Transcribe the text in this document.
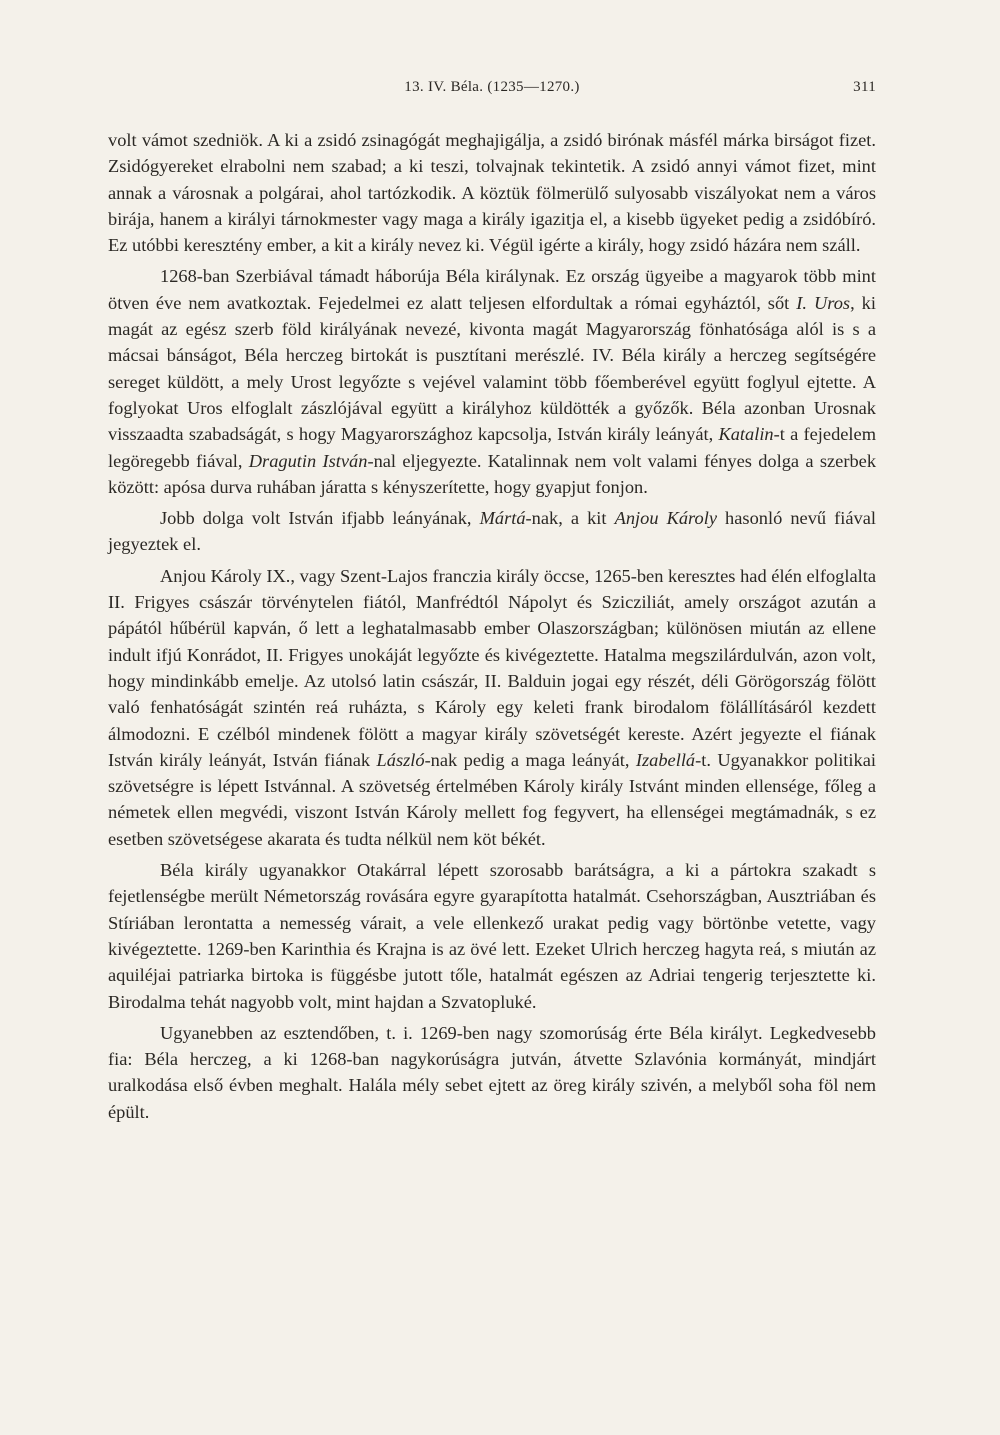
13. IV. Béla. (1235—1270.)	311

volt vámot szedniök. A ki a zsidó zsinagógát meghajigálja, a zsidó birónak másfél márka birságot fizet. Zsidógyereket elrabolni nem szabad; a ki teszi, tolvajnak tekintetik. A zsidó annyi vámot fizet, mint annak a városnak a polgárai, ahol tartózkodik. A köztük fölmerülő sulyosabb viszályokat nem a város birája, hanem a királyi tárnokmester vagy maga a király igazitja el, a kisebb ügyeket pedig a zsidóbíró. Ez utóbbi keresztény ember, a kit a király nevez ki. Végül igérte a király, hogy zsidó házára nem száll.

1268-ban Szerbiával támadt háborúja Béla királynak. Ez ország ügyeibe a magyarok több mint ötven éve nem avatkoztak. Fejedelmei ez alatt teljesen elfordultak a római egyháztól, sőt I. Uros, ki magát az egész szerb föld királyának nevezé, kivonta magát Magyarország fönhatósága alól is s a mácsai bánságot, Béla herczeg birtokát is pusztítani merészlé. IV. Béla király a herczeg segítségére sereget küldött, a mely Urost legyőzte s vejével valamint több főemberével együtt foglyul ejtette. A foglyokat Uros elfoglalt zászlójával együtt a királyhoz küldötték a győzők. Béla azonban Urosnak visszaadta szabadságát, s hogy Magyarországhoz kapcsolja, István király leányát, Katalin-t a fejedelem legöregebb fiával, Dragutin István-nal eljegyezte. Katalinnak nem volt valami fényes dolga a szerbek között: apósa durva ruhában járatta s kényszerítette, hogy gyapjut fonjon.

Jobb dolga volt István ifjabb leányának, Mártá-nak, a kit Anjou Károly hasonló nevű fiával jegyeztek el.

Anjou Károly IX., vagy Szent-Lajos franczia király öccse, 1265-ben keresztes had élén elfoglalta II. Frigyes császár törvénytelen fiától, Manfrédtól Nápolyt és Szicziliát, amely országot azután a pápától hűbérül kapván, ő lett a leghatalmasabb ember Olaszországban; különösen miután az ellene indult ifjú Konrádot, II. Frigyes unokáját legyőzte és kivégeztette. Hatalma megszilárdulván, azon volt, hogy mindinkább emelje. Az utolsó latin császár, II. Balduin jogai egy részét, déli Görögország fölött való fenhatóságát szintén reá ruházta, s Károly egy keleti frank birodalom fölállításáról kezdett álmodozni. E czélból mindenek fölött a magyar király szövetségét kereste. Azért jegyezte el fiának István király leányát, István fiának László-nak pedig a maga leányát, Izabellá-t. Ugyanakkor politikai szövetségre is lépett Istvánnal. A szövetség értelmében Károly király Istvánt minden ellensége, főleg a németek ellen megvédi, viszont István Károly mellett fog fegyvert, ha ellenségei megtámadnák, s ez esetben szövetségese akarata és tudta nélkül nem köt békét.

Béla király ugyanakkor Otakárral lépett szorosabb barátságra, a ki a pártokra szakadt s fejetlenségbe merült Németország rovására egyre gyarapította hatalmát. Csehországban, Ausztriában és Stíriában lerontatta a nemesség várait, a vele ellenkező urakat pedig vagy börtönbe vetette, vagy kivégeztette. 1269-ben Karinthia és Krajna is az övé lett. Ezeket Ulrich herczeg hagyta reá, s miután az aquiléjai patriarka birtoka is függésbe jutott tőle, hatalmát egészen az Adriai tengerig terjesztette ki. Birodalma tehát nagyobb volt, mint hajdan a Szvatopluké.

Ugyanebben az esztendőben, t. i. 1269-ben nagy szomorúság érte Béla királyt. Legkedvesebb fia: Béla herczeg, a ki 1268-ban nagykorúságra jutván, átvette Szlavónia kormányát, mindjárt uralkodása első évben meghalt. Halála mély sebet ejtett az öreg király szivén, a melyből soha föl nem épült.
